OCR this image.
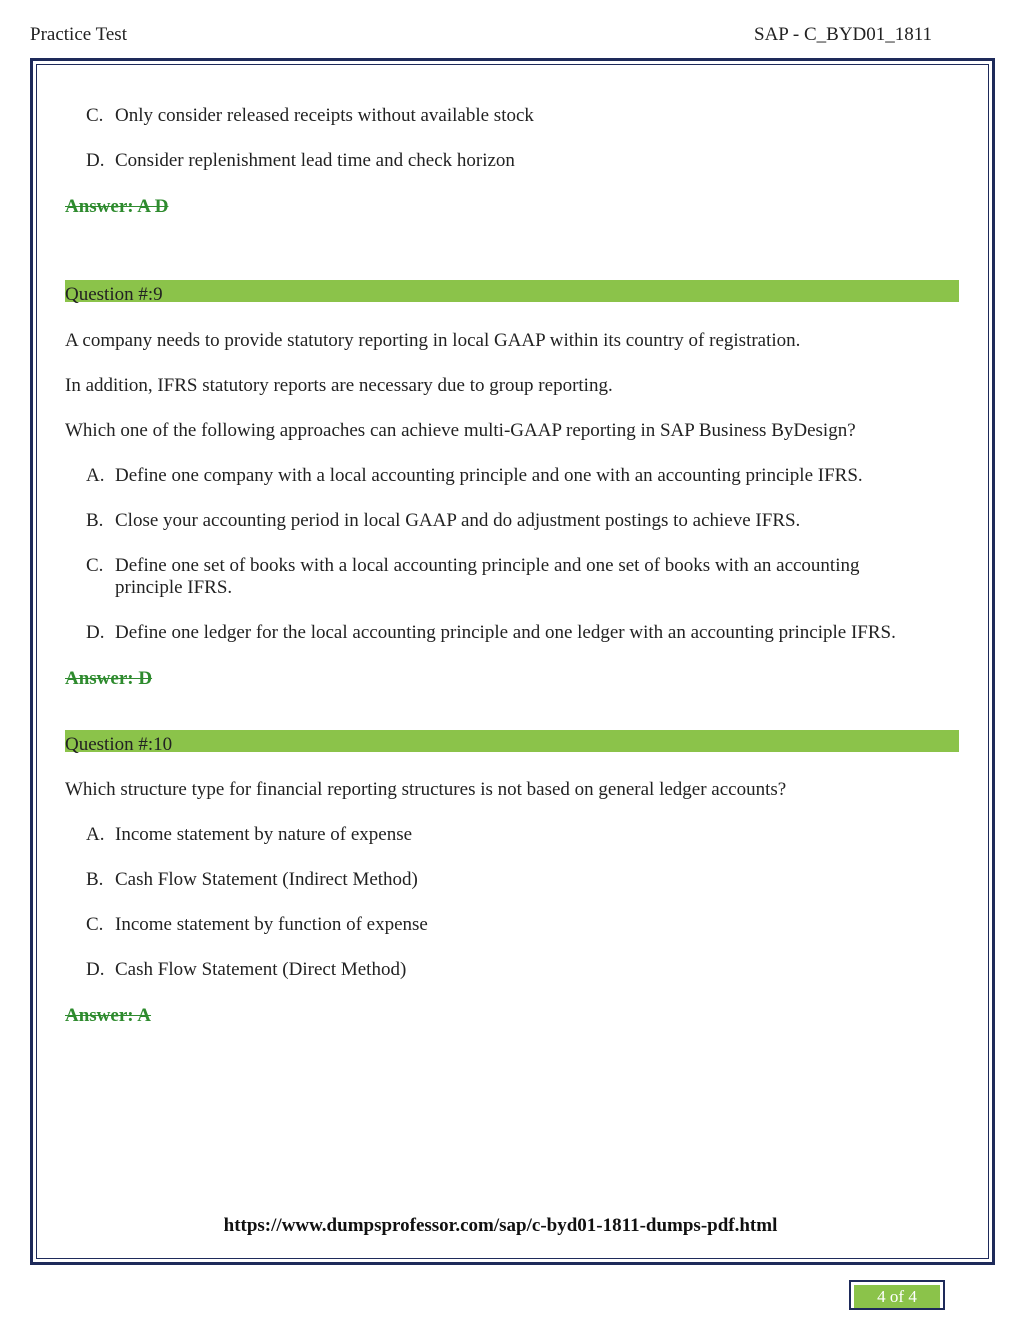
Practice Test	SAP - C_BYD01_1811
C. Only consider released receipts without available stock
D. Consider replenishment lead time and check horizon
Answer: A D
Question #:9
A company needs to provide statutory reporting in local GAAP within its country of registration.
In addition, IFRS statutory reports are necessary due to group reporting.
Which one of the following approaches can achieve multi-GAAP reporting in SAP Business ByDesign?
A. Define one company with a local accounting principle and one with an accounting principle IFRS.
B. Close your accounting period in local GAAP and do adjustment postings to achieve IFRS.
C. Define one set of books with a local accounting principle and one set of books with an accounting principle IFRS.
D. Define one ledger for the local accounting principle and one ledger with an accounting principle IFRS.
Answer: D
Question #:10
Which structure type for financial reporting structures is not based on general ledger accounts?
A. Income statement by nature of expense
B. Cash Flow Statement (Indirect Method)
C. Income statement by function of expense
D. Cash Flow Statement (Direct Method)
Answer: A
https://www.dumpsprofessor.com/sap/c-byd01-1811-dumps-pdf.html
4 of 4
